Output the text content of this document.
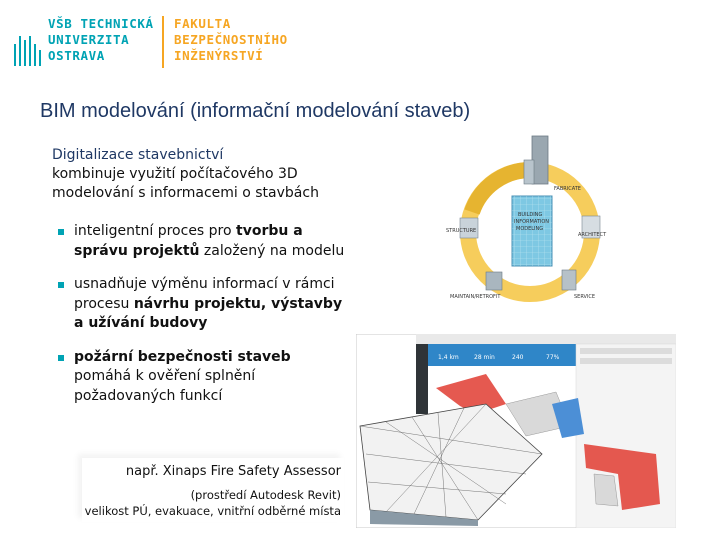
VŠB TECHNICKÁ
UNIVERZITA
OSTRAVA
FAKULTA
BEZPEČNOSTNÍHO
INŽENÝRSTVÍ
BIM modelování (informační modelování staveb)
Digitalizace stavebnictví
kombinuje využití počítačového 3D modelování s informacemi o stavbách
inteligentní proces pro tvorbu a správu projektů založený na modelu
usnadňuje výměnu informací v rámci procesu návrhu projektu, výstavby a užívání budovy
požární bezpečnosti staveb pomáhá k ověření splnění požadovaných funkcí
BUILDING
INFORMATION
MODELING
FABRICATE
STRUCTURE
ARCHITECT
MAINTAIN/RETROFIT	SERVICE
1,4 km	28 min	240	77%
např. Xinaps Fire Safety Assessor
(prostředí Autodesk Revit)
velikost PÚ, evakuace, vnitřní odběrné místa
